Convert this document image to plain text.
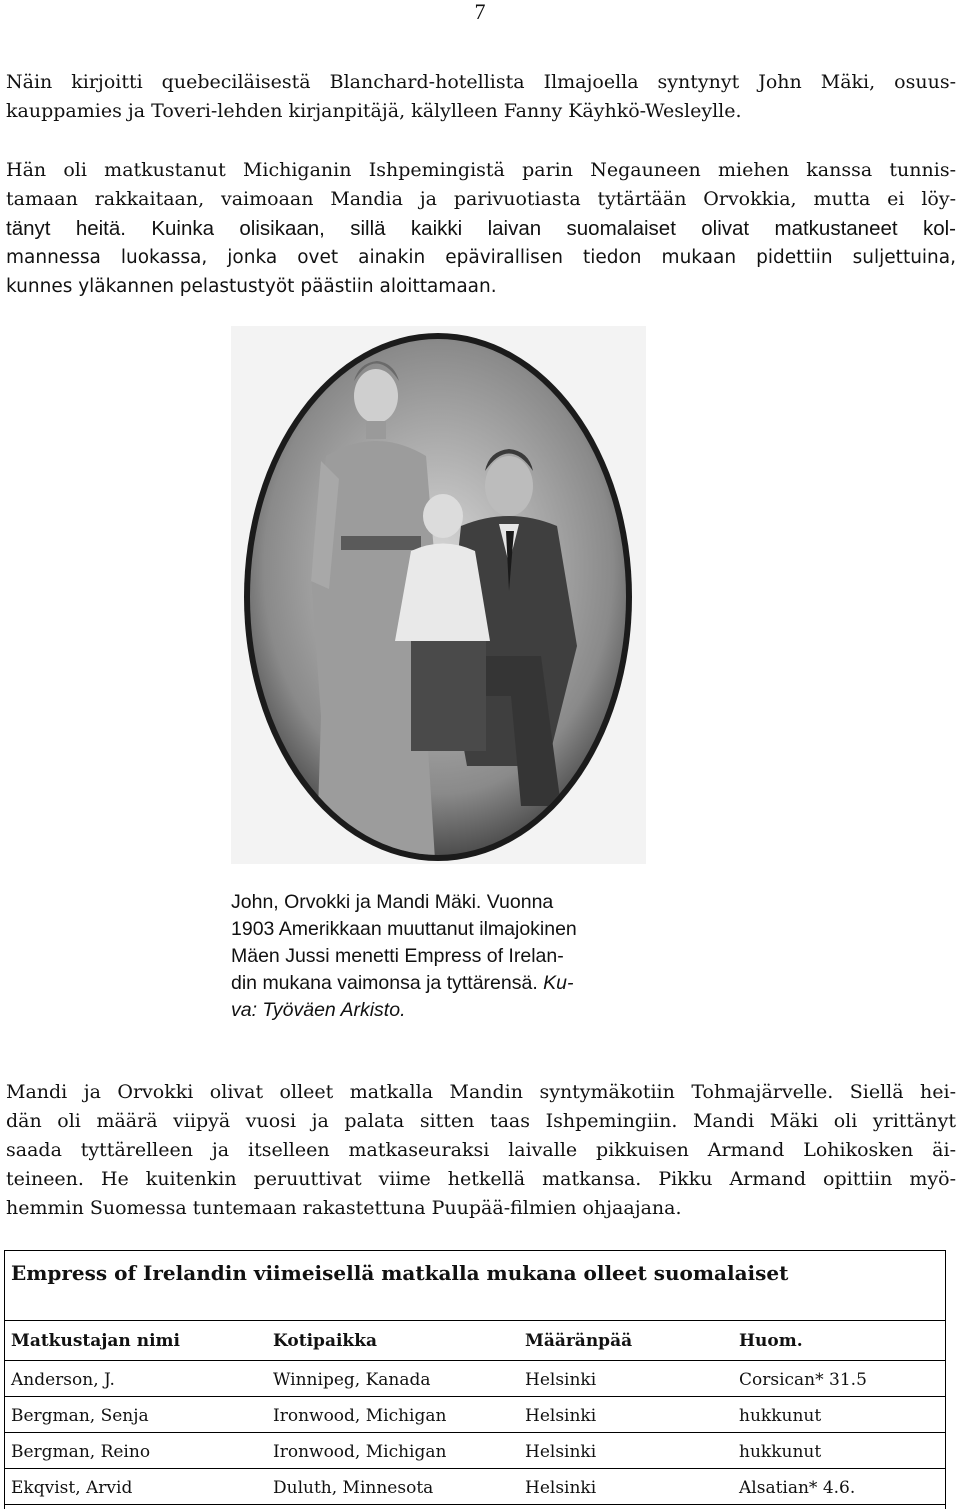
7
Näin kirjoitti quebeciläisestä Blanchard-hotellista Ilmajoella syntynyt John Mäki, osuus-
kauppamies ja Toveri-lehden kirjanpitäjä, kälylleen Fanny Käyhkö-Wesleylle.
Hän oli matkustanut Michiganin Ishpemingistä parin Negauneen miehen kanssa tunnis-
tamaan rakkaitaan, vaimoaan Mandia ja parivuotiasta tytärtään Orvokkia, mutta ei löy-
tänyt heitä. Kuinka olisikaan, sillä kaikki laivan suomalaiset olivat matkustaneet kol-
mannessa luokassa, jonka ovet ainakin epävirallisen tiedon mukaan pidettiin suljettuina,
kunnes yläkannen pelastustyöt päästiin aloittamaan.
John, Orvokki ja Mandi Mäki. Vuonna
1903 Amerikkaan muuttanut ilmajokinen
Mäen Jussi menetti Empress of Irelan-
din mukana vaimonsa ja tyttärensä. Ku-
va: Työväen Arkisto.
Mandi ja Orvokki olivat olleet matkalla Mandin syntymäkotiin Tohmajärvelle. Siellä hei-
dän oli määrä viipyä vuosi ja palata sitten taas Ishpemingiin. Mandi Mäki oli yrittänyt
saada tyttärelleen ja itselleen matkaseuraksi laivalle pikkuisen Armand Lohikosken äi-
teineen. He kuitenkin peruuttivat viime hetkellä matkansa. Pikku Armand opittiin myö-
hemmin Suomessa tuntemaan rakastettuna Puupää-filmien ohjaajana.
Empress of Irelandin viimeisellä matkalla mukana olleet suomalaiset
Matkustajan nimi	Kotipaikka	Määränpää	Huom.
Anderson, J.	Winnipeg, Kanada	Helsinki	Corsican* 31.5
Bergman, Senja	Ironwood, Michigan	Helsinki	hukkunut
Bergman, Reino	Ironwood, Michigan	Helsinki	hukkunut
Ekqvist, Arvid	Duluth, Minnesota	Helsinki	Alsatian* 4.6.
